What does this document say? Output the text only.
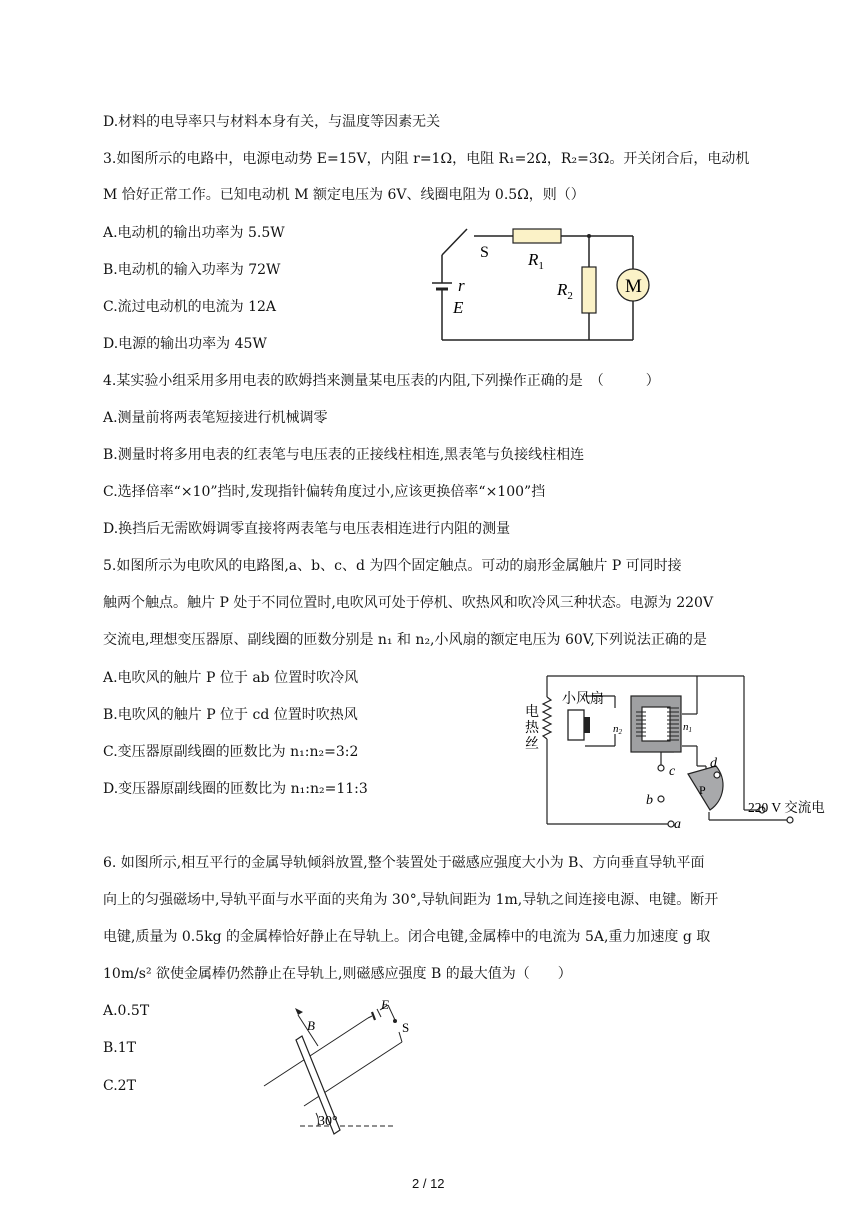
D.材料的电导率只与材料本身有关，与温度等因素无关
3.如图所示的电路中，电源电动势 E=15V，内阻 r=1Ω，电阻 R₁=2Ω，R₂=3Ω。开关闭合后，电动机
M 恰好正常工作。已知电动机 M 额定电压为 6V、线圈电阻为 0.5Ω，则（）
A.电动机的输出功率为 5.5W
B.电动机的输入功率为 72W
C.流过电动机的电流为 12A
D.电源的输出功率为 45W
4.某实验小组采用多用电表的欧姆挡来测量某电压表的内阻,下列操作正确的是　（　　　）
A.测量前将两表笔短接进行机械调零
B.测量时将多用电表的红表笔与电压表的正接线柱相连,黑表笔与负接线柱相连
C.选择倍率“×10”挡时,发现指针偏转角度过小,应该更换倍率“×100”挡
D.换挡后无需欧姆调零直接将两表笔与电压表相连进行内阻的测量
5.如图所示为电吹风的电路图,a、b、c、d 为四个固定触点。可动的扇形金属触片 P 可同时接
触两个触点。触片 P 处于不同位置时,电吹风可处于停机、吹热风和吹冷风三种状态。电源为 220V
交流电,理想变压器原、副线圈的匝数分别是 n₁ 和 n₂,小风扇的额定电压为 60V,下列说法正确的是
A.电吹风的触片 P 位于 ab 位置时吹冷风
B.电吹风的触片 P 位于 cd 位置时吹热风
C.变压器原副线圈的匝数比为 n₁:n₂=3:2
D.变压器原副线圈的匝数比为 n₁:n₂=11:3
6. 如图所示,相互平行的金属导轨倾斜放置,整个装置处于磁感应强度大小为 B、方向垂直导轨平面
向上的匀强磁场中,导轨平面与水平面的夹角为 30°,导轨间距为 1m,导轨之间连接电源、电键。断开
电键,质量为 0.5kg 的金属棒恰好静止在导轨上。闭合电键,金属棒中的电流为 5A,重力加速度 g 取
10m/s² 欲使金属棒仍然静止在导轨上,则磁感应强度 B 的最大值为（　　）
A.0.5T
B.1T
C.2T
M
S $R_1$
$R_2$
r
E
小风扇
电
热
丝
n2	n1
c
d
b
a
P
220 V 交流电
B
E
S
30°
2 / 12
